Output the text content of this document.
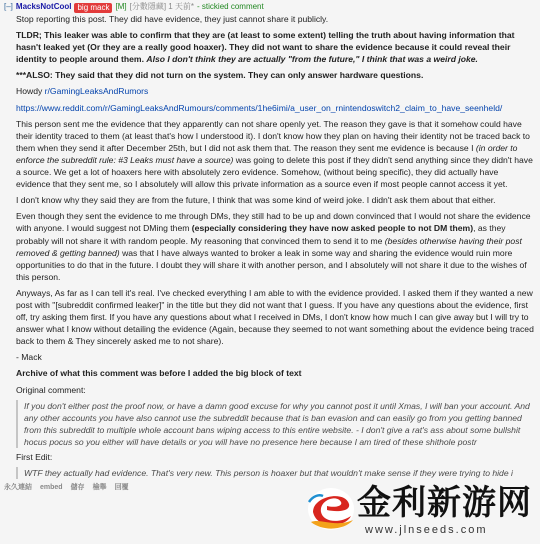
[–] MacksNotCool big mack [M] [分數隱藏] 1 天前* - stickied comment

Stop reporting this post. They did have evidence, they just cannot share it publicly.

TLDR; This leaker was able to confirm that they are (at least to some extent) telling the truth about having information that hasn't leaked yet (Or they are a really good hoaxer). They did not want to share the evidence because it could reveal their identity to people around them. Also I don't think they are actually "from the future," I think that was a weird joke.

***ALSO: They said that they did not turn on the system. They can only answer hardware questions.

Howdy r/GamingLeaksAndRumors

https://www.reddit.com/r/GamingLeaksAndRumours/comments/1he6imi/a_user_on_rnintendoswitch2_claim_to_have_seenheld/

This person sent me the evidence that they apparently can not share openly yet. The reason they gave is that it somehow could have their identity traced to them (at least that's how I understood it). I don't know how they plan on having their identity not be traced back to them when they send it after December 25th, but I did not ask them that. The reason they sent me evidence is because I (in order to enforce the subreddit rule: #3 Leaks must have a source) was going to delete this post if they didn't send anything since they didn't have a source. We get a lot of hoaxers here with absolutely zero evidence. Somehow, (without being specific), they did actually have evidence that they sent me, so I absolutely will allow this private information as a source even if most people cannot access it yet.

I don't know why they said they are from the future, I think that was some kind of weird joke. I didn't ask them about that either.

Even though they sent the evidence to me through DMs, they still had to be up and down convinced that I would not share the evidence with anyone. I would suggest not DMing them (especially considering they have now asked people to not DM them), as they probably will not share it with random people. My reasoning that convinced them to send it to me (besides otherwise having their post removed & getting banned) was that I have always wanted to broker a leak in some way and sharing the evidence would ruin more opportunities to do that in the future. I doubt they will share it with another person, and I absolutely will not share it due to the wishes of this person.

Anyways, As far as I can tell it's real. I've checked everything I am able to with the evidence provided. I asked them if they wanted a new post with "[subreddit confirmed leaker]" in the title but they did not want that I guess. If you have any questions about the evidence, first off, try asking them first. If you have any questions about what I received in DMs, I don't know how much I can give away but I will try to answer what I know without detailing the evidence (Again, because they seemed to not want something about the evidence being traced back to them & They sincerely asked me to not share).

- Mack

Archive of what this comment was before I added the big block of text

Original comment:

If you don't either post the proof now, or have a damn good excuse for why you cannot post it until Xmas, I will ban your account. And any other accounts you have also cannot use the subreddit because that is ban evasion and can easily go from you getting banned from this subreddit to multiple whole account bans wiping access to this entire website. - I don't give a rat's ass about some bullshit hocus pocus so you either will have details or you will have no presence here because I am tired of these shithole postr

First Edit:

WTF they actually had evidence. That's very new. This person is hoaxer but that wouldn't make sense if they were trying to hide i
永久連結 embed 儲存 檢舉 回覆	金利新游网
www.jlnseeds.com
